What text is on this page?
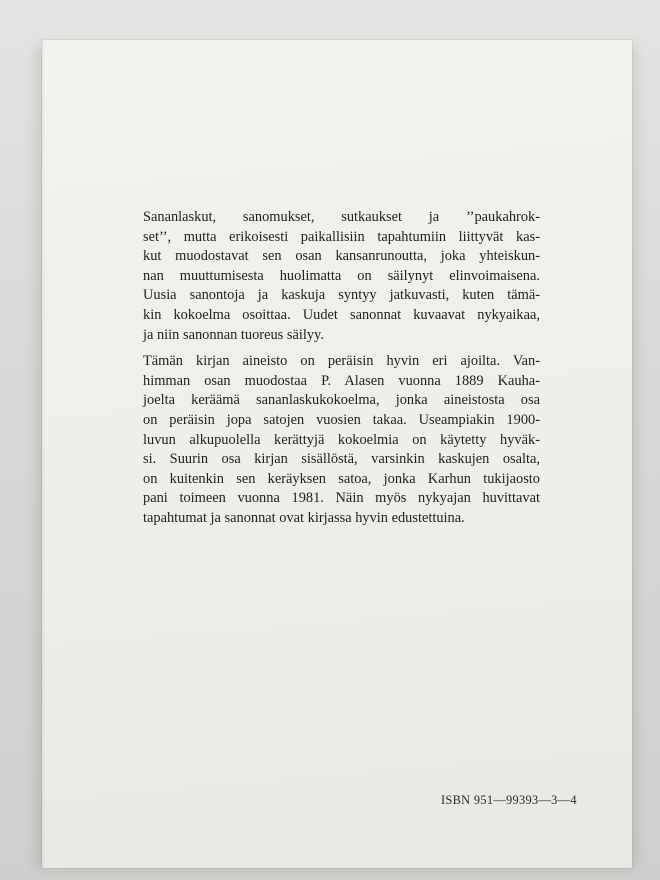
Sananlaskut, sanomukset, sutkaukset ja ’’paukahrok-
set’’, mutta erikoisesti paikallisiin tapahtumiin liittyvät kas-
kut muodostavat sen osan kansanrunoutta, joka yhteiskun-
nan muuttumisesta huolimatta on säilynyt elinvoimaisena.
Uusia sanontoja ja kaskuja syntyy jatkuvasti, kuten tämä-
kin kokoelma osoittaa. Uudet sanonnat kuvaavat nykyaikaa,
ja niin sanonnan tuoreus säilyy.
Tämän kirjan aineisto on peräisin hyvin eri ajoilta. Van-
himman osan muodostaa P. Alasen vuonna 1889 Kauha-
joelta keräämä sananlaskukokoelma, jonka aineistosta osa
on peräisin jopa satojen vuosien takaa. Useampiakin 1900-
luvun alkupuolella kerättyjä kokoelmia on käytetty hyväk-
si. Suurin osa kirjan sisällöstä, varsinkin kaskujen osalta,
on kuitenkin sen keräyksen satoa, jonka Karhun tukijaosto
pani toimeen vuonna 1981. Näin myös nykyajan huvittavat
tapahtumat ja sanonnat ovat kirjassa hyvin edustettuina.
ISBN 951—99393—3—4
